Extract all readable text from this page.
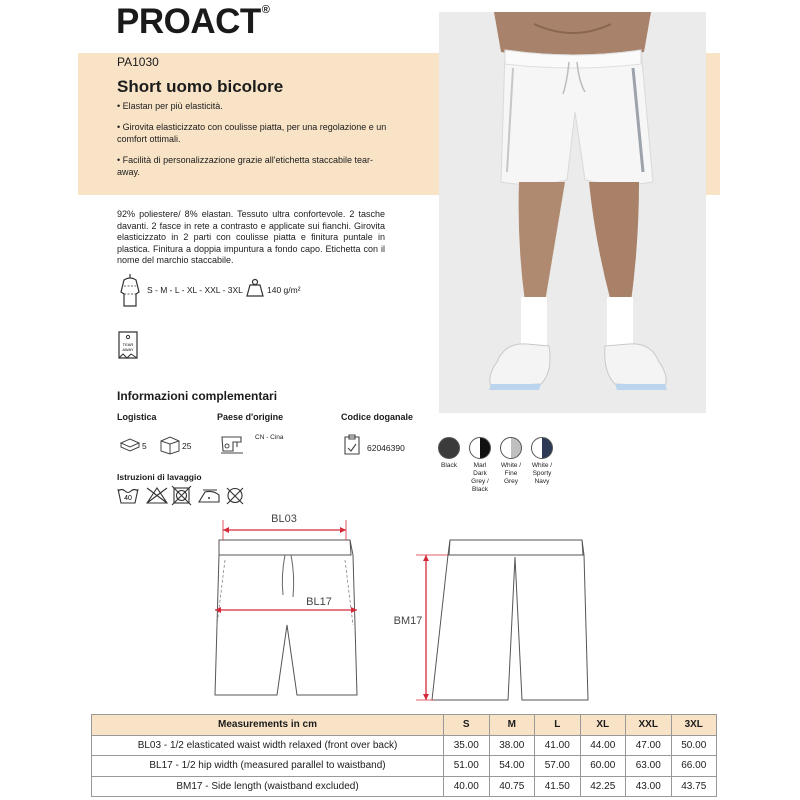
PROACT®
PA1030
Short uomo bicolore
• Elastan per più elasticità.
• Girovita elasticizzato con coulisse piatta, per una regolazione e un comfort ottimali.
• Facilità di personalizzazione grazie all'etichetta staccabile tear-away.
92% poliestere/ 8% elastan. Tessuto ultra confortevole. 2 tasche davanti. 2 fasce in rete a contrasto e applicate sui fianchi. Girovita elasticizzato in 2 parti con coulisse piatta e finitura puntale in plastica. Finitura a doppia impuntura a fondo capo. Etichetta con il nome del marchio staccabile.
S - M - L - XL - XXL - 3XL	140 g/m²
TEAR
AWAY
Informazioni complementari
Logistica	Paese d'origine	Codice doganale
5	25
CN - Cina
62046390
Black	Marl
Dark
Grey /
Black
White /
Fine
Grey
White /
Sporty
Navy
Istruzioni di lavaggio
40
BL03
BL17
BM17
Measurements in cm	S	M	L	XL	XXL	3XL
BL03 - 1/2 elasticated waist width relaxed (front over back)	35.00	38.00	41.00	44.00	47.00	50.00
BL17 - 1/2 hip width (measured parallel to waistband)	51.00	54.00	57.00	60.00	63.00	66.00
BM17 - Side length (waistband excluded)	40.00	40.75	41.50	42.25	43.00	43.75
